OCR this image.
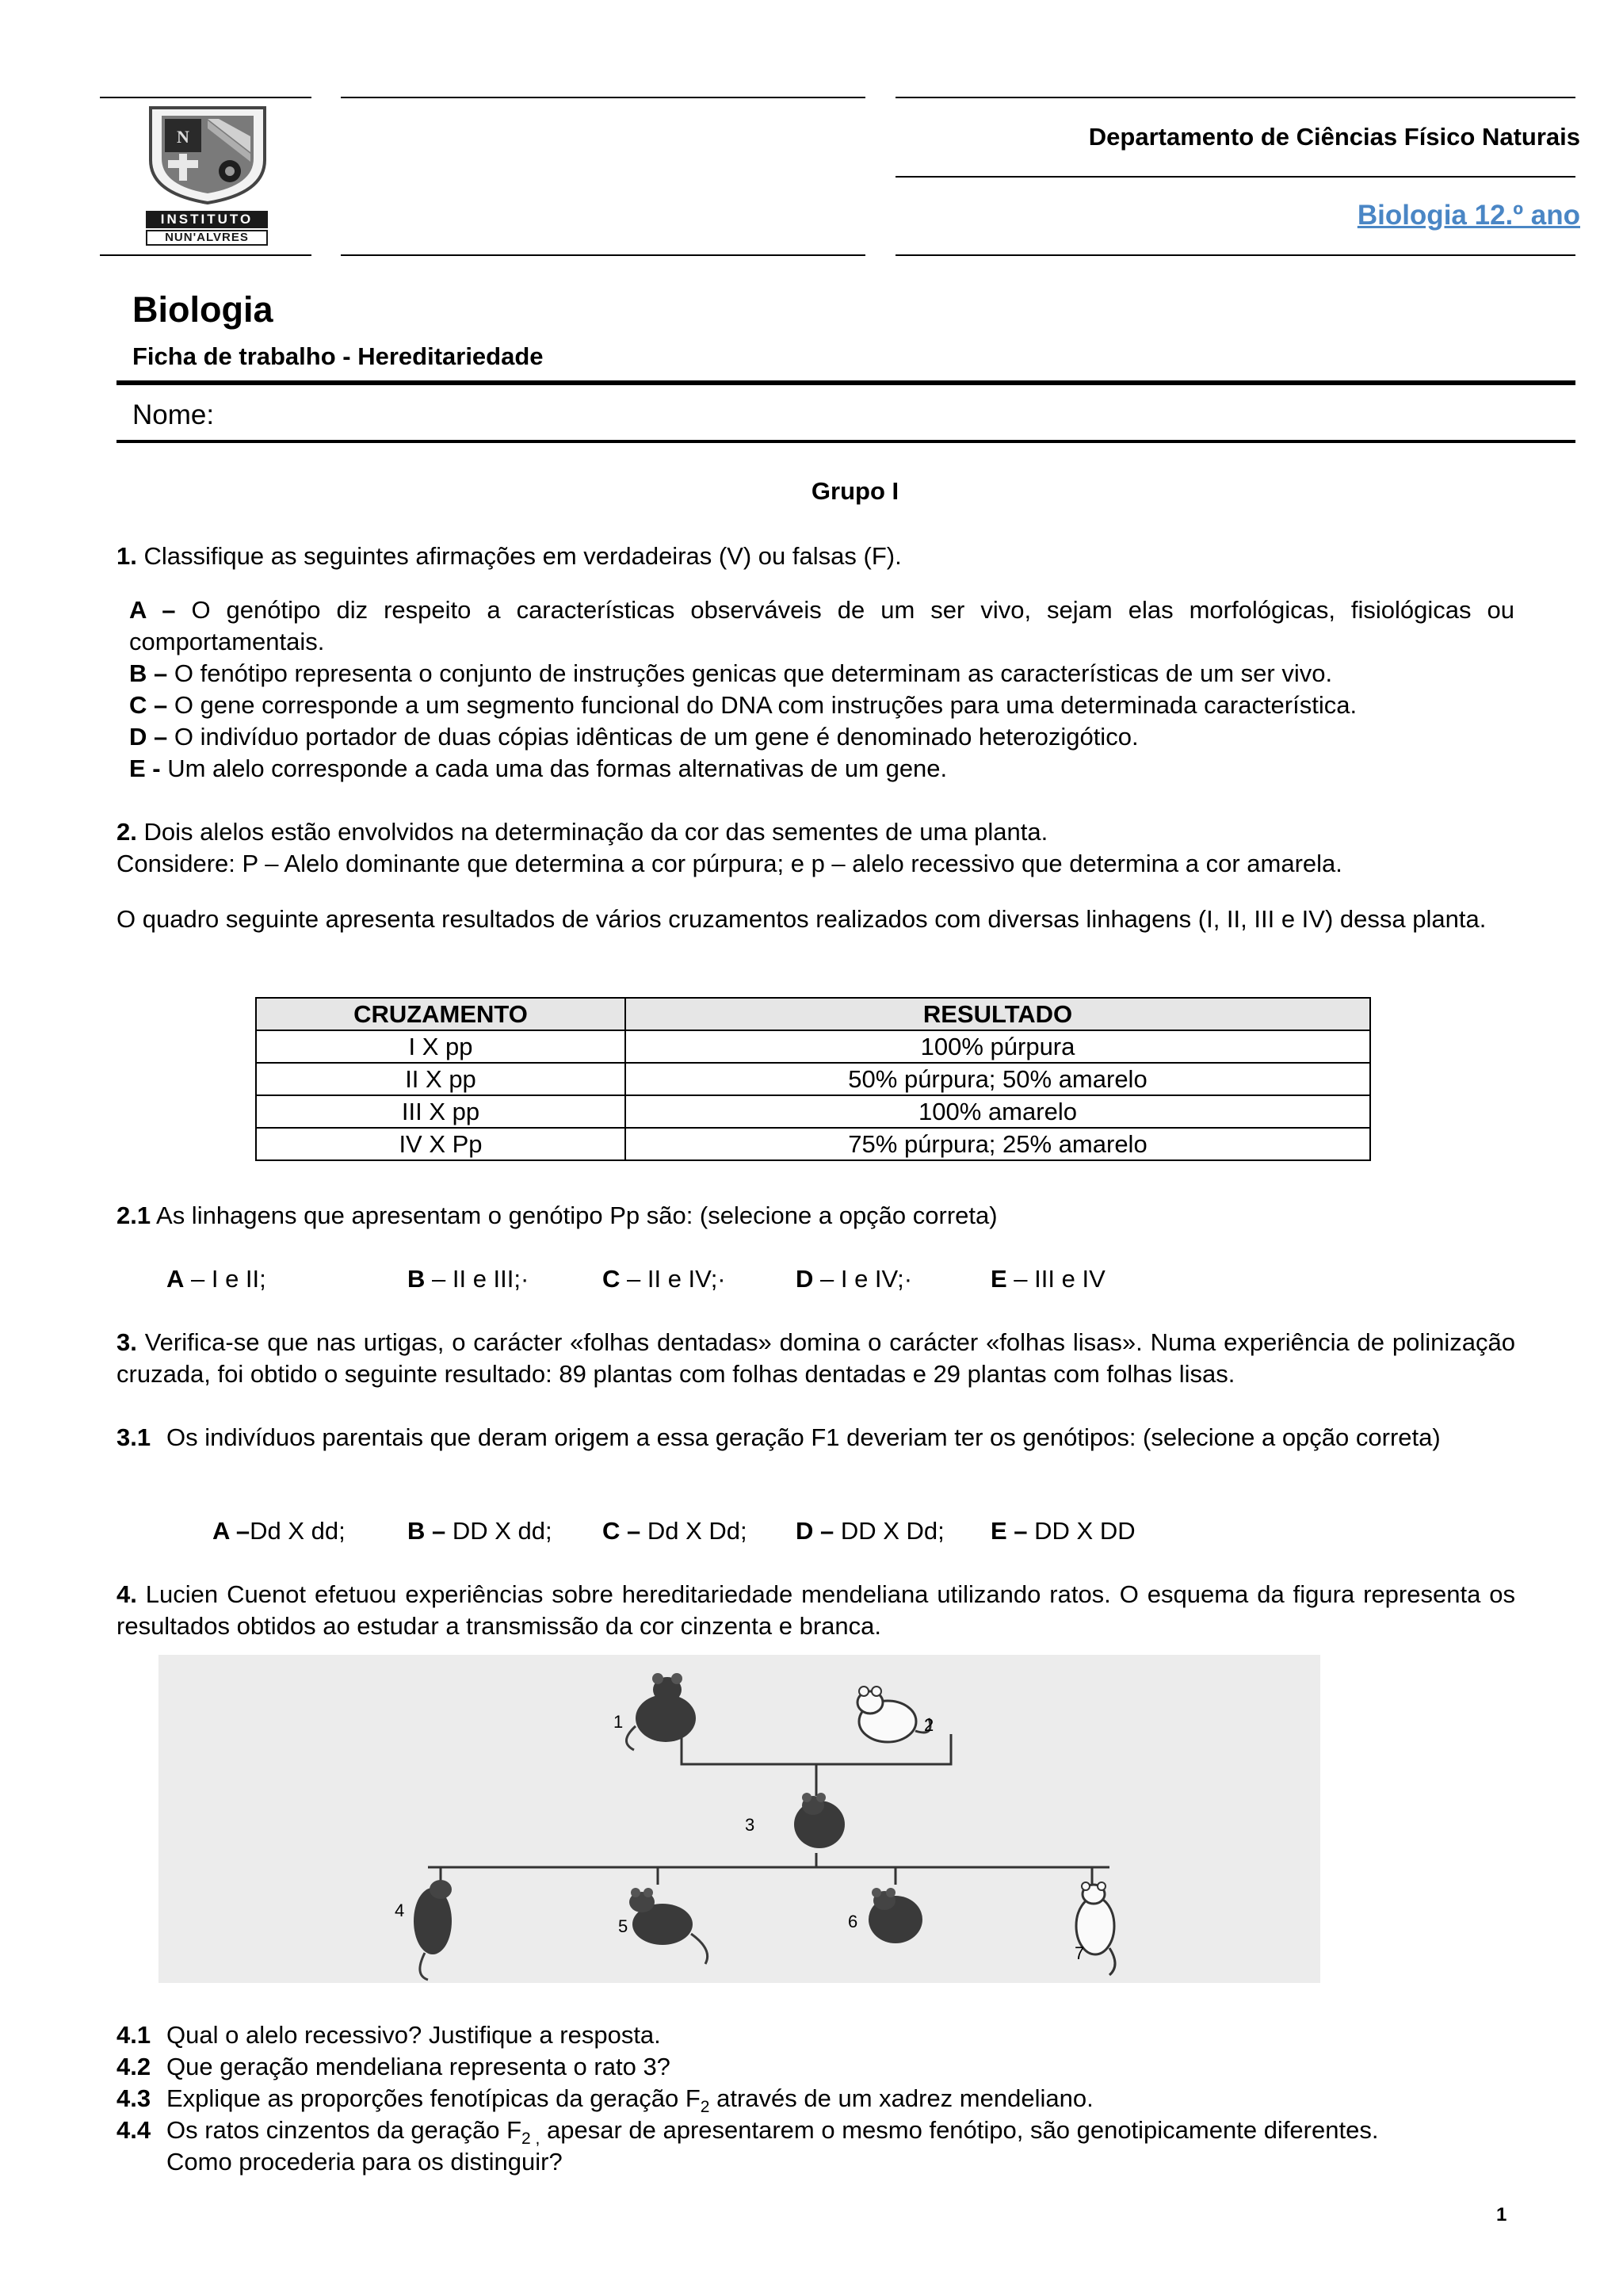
N
INSTITUTO
NUN'ALVRES
Departamento de Ciências Físico Naturais
Biologia 12.º ano
Biologia
Ficha de trabalho - Hereditariedade
Nome:
Grupo I
1. Classifique as seguintes afirmações em verdadeiras (V) ou falsas (F).
A – O genótipo diz respeito a características observáveis de um ser vivo, sejam elas morfológicas, fisiológicas ou comportamentais.
B – O fenótipo representa o conjunto de instruções genicas que determinam as características de um ser vivo.
C – O gene corresponde a um segmento funcional do DNA com instruções para uma determinada característica.
D – O indivíduo portador de duas cópias idênticas de um gene é denominado heterozigótico.
E - Um alelo corresponde a cada uma das formas alternativas de um gene.
2. Dois alelos estão envolvidos na determinação da cor das sementes de uma planta.
Considere: P – Alelo dominante que determina a cor púrpura; e p – alelo recessivo que determina a cor amarela.
O quadro seguinte apresenta resultados de vários cruzamentos realizados com diversas linhagens (I, II, III e IV) dessa planta.
CRUZAMENTO	RESULTADO
I X pp	100% púrpura
II X pp	50% púrpura; 50% amarelo
III X pp	100% amarelo
IV X Pp	75% púrpura; 25% amarelo
2.1 As linhagens que apresentam o genótipo Pp são: (selecione a opção correta)
A – I e II;	B – II e III;·	C – II e IV;·	D – I e IV;·	E – III e IV
3. Verifica-se que nas urtigas, o carácter «folhas dentadas» domina o carácter «folhas lisas». Numa experiência de polinização cruzada, foi obtido o seguinte resultado: 89 plantas com folhas dentadas e 29 plantas com folhas lisas.
3.1 Os indivíduos parentais que deram origem a essa geração F1 deveriam ter os genótipos: (selecione a opção correta)
A –Dd X dd;	B – DD X dd; C – Dd X Dd; D – DD X Dd; E – DD X DD
4. Lucien Cuenot efetuou experiências sobre hereditariedade mendeliana utilizando ratos. O esquema da figura representa os resultados obtidos ao estudar a transmissão da cor cinzenta e branca.
1	2
3
4
5	6
7
4.1 Qual o alelo recessivo? Justifique a resposta.
4.2 Que geração mendeliana representa o rato 3?
4.3 Explique as proporções fenotípicas da geração $F_2$ através de um xadrez mendeliano.
4.4 Os ratos cinzentos da geração $F_{2 ,}$ apesar de apresentarem o mesmo fenótipo, são genotipicamente diferentes.
Como procederia para os distinguir?
1
